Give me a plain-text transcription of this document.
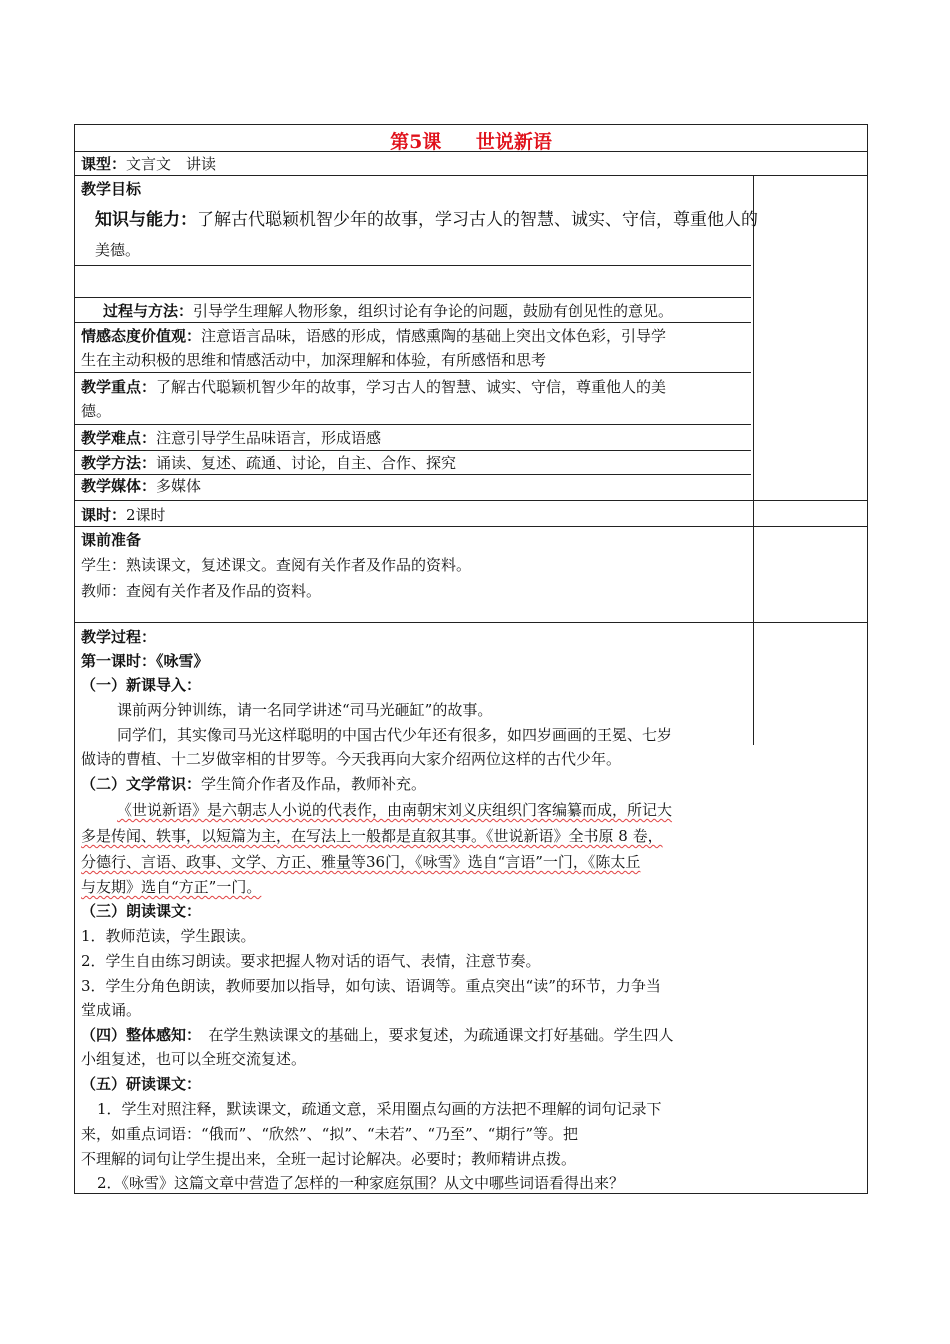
第5课 世说新语
课型：文言文　讲读
教学目标
知识与能力：了解古代聪颖机智少年的故事，学习古人的智慧、诚实、守信，尊重他人的
美德。
过程与方法：引导学生理解人物形象，组织讨论有争论的问题，鼓励有创见性的意见。
情感态度价值观：注意语言品味，语感的形成，情感熏陶的基础上突出文体色彩，引导学
生在主动积极的思维和情感活动中，加深理解和体验，有所感悟和思考
教学重点：了解古代聪颖机智少年的故事，学习古人的智慧、诚实、守信，尊重他人的美
德。
教学难点：注意引导学生品味语言，形成语感
教学方法：诵读、复述、疏通、讨论，自主、合作、探究
教学媒体：多媒体
课时：2课时
课前准备
学生：熟读课文，复述课文。查阅有关作者及作品的资料。
教师：查阅有关作者及作品的资料。
教学过程：
第一课时：《咏雪》
（一）新课导入：
课前两分钟训练，请一名同学讲述“司马光砸缸”的故事。
同学们，其实像司马光这样聪明的中国古代少年还有很多，如四岁画画的王冕、七岁
做诗的曹植、十二岁做宰相的甘罗等。今天我再向大家介绍两位这样的古代少年。
（二）文学常识：学生简介作者及作品，教师补充。
《世说新语》是六朝志人小说的代表作，由南朝宋刘义庆组织门客编纂而成，所记大
多是传闻、轶事，以短篇为主，在写法上一般都是直叙其事。《世说新语》全书原 8 卷，
分德行、言语、政事、文学、方正、雅量等36门，《咏雪》选自“言语”一门，《陈太丘
与友期》选自“方正”一门。
（三）朗读课文：
1．教师范读，学生跟读。
2．学生自由练习朗读。要求把握人物对话的语气、表情，注意节奏。
3．学生分角色朗读，教师要加以指导，如句读、语调等。重点突出“读”的环节，力争当
堂成诵。
（四）整体感知：　 在学生熟读课文的基础上，要求复述，为疏通课文打好基础。学生四人
小组复述，也可以全班交流复述。
（五）研读课文：
1．学生对照注释，默读课文，疏通文意，采用圈点勾画的方法把不理解的词句记录下
来，如重点词语：“俄而”、“欣然”、“拟”、“未若”、“乃至”、“期行”等。把
不理解的词句让学生提出来，全班一起讨论解决。必要时；教师精讲点拨。
2．《咏雪》这篇文章中营造了怎样的一种家庭氛围？从文中哪些词语看得出来？
